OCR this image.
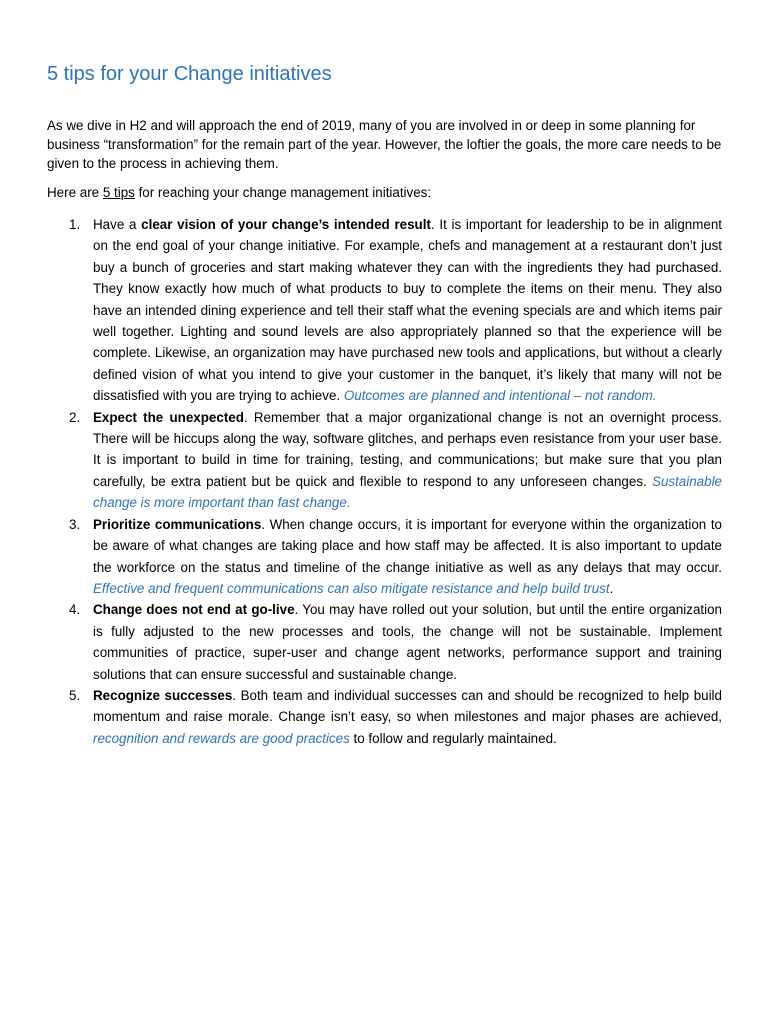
5 tips for your Change initiatives

As we dive in H2 and will approach the end of 2019, many of you are involved in or deep in some planning for business “transformation” for the remain part of the year. However, the loftier the goals, the more care needs to be given to the process in achieving them.

Here are 5 tips for reaching your change management initiatives:

1. Have a clear vision of your change’s intended result. It is important for leadership to be in alignment on the end goal of your change initiative. For example, chefs and management at a restaurant don’t just buy a bunch of groceries and start making whatever they can with the ingredients they had purchased. They know exactly how much of what products to buy to complete the items on their menu. They also have an intended dining experience and tell their staff what the evening specials are and which items pair well together. Lighting and sound levels are also appropriately planned so that the experience will be complete. Likewise, an organization may have purchased new tools and applications, but without a clearly defined vision of what you intend to give your customer in the banquet, it’s likely that many will not be dissatisfied with you are trying to achieve. Outcomes are planned and intentional – not random.
2. Expect the unexpected. Remember that a major organizational change is not an overnight process. There will be hiccups along the way, software glitches, and perhaps even resistance from your user base. It is important to build in time for training, testing, and communications; but make sure that you plan carefully, be extra patient but be quick and flexible to respond to any unforeseen changes. Sustainable change is more important than fast change.
3. Prioritize communications. When change occurs, it is important for everyone within the organization to be aware of what changes are taking place and how staff may be affected. It is also important to update the workforce on the status and timeline of the change initiative as well as any delays that may occur. Effective and frequent communications can also mitigate resistance and help build trust.
4. Change does not end at go-live. You may have rolled out your solution, but until the entire organization is fully adjusted to the new processes and tools, the change will not be sustainable. Implement communities of practice, super-user and change agent networks, performance support and training solutions that can ensure successful and sustainable change.
5. Recognize successes. Both team and individual successes can and should be recognized to help build momentum and raise morale. Change isn’t easy, so when milestones and major phases are achieved, recognition and rewards are good practices to follow and regularly maintained.
